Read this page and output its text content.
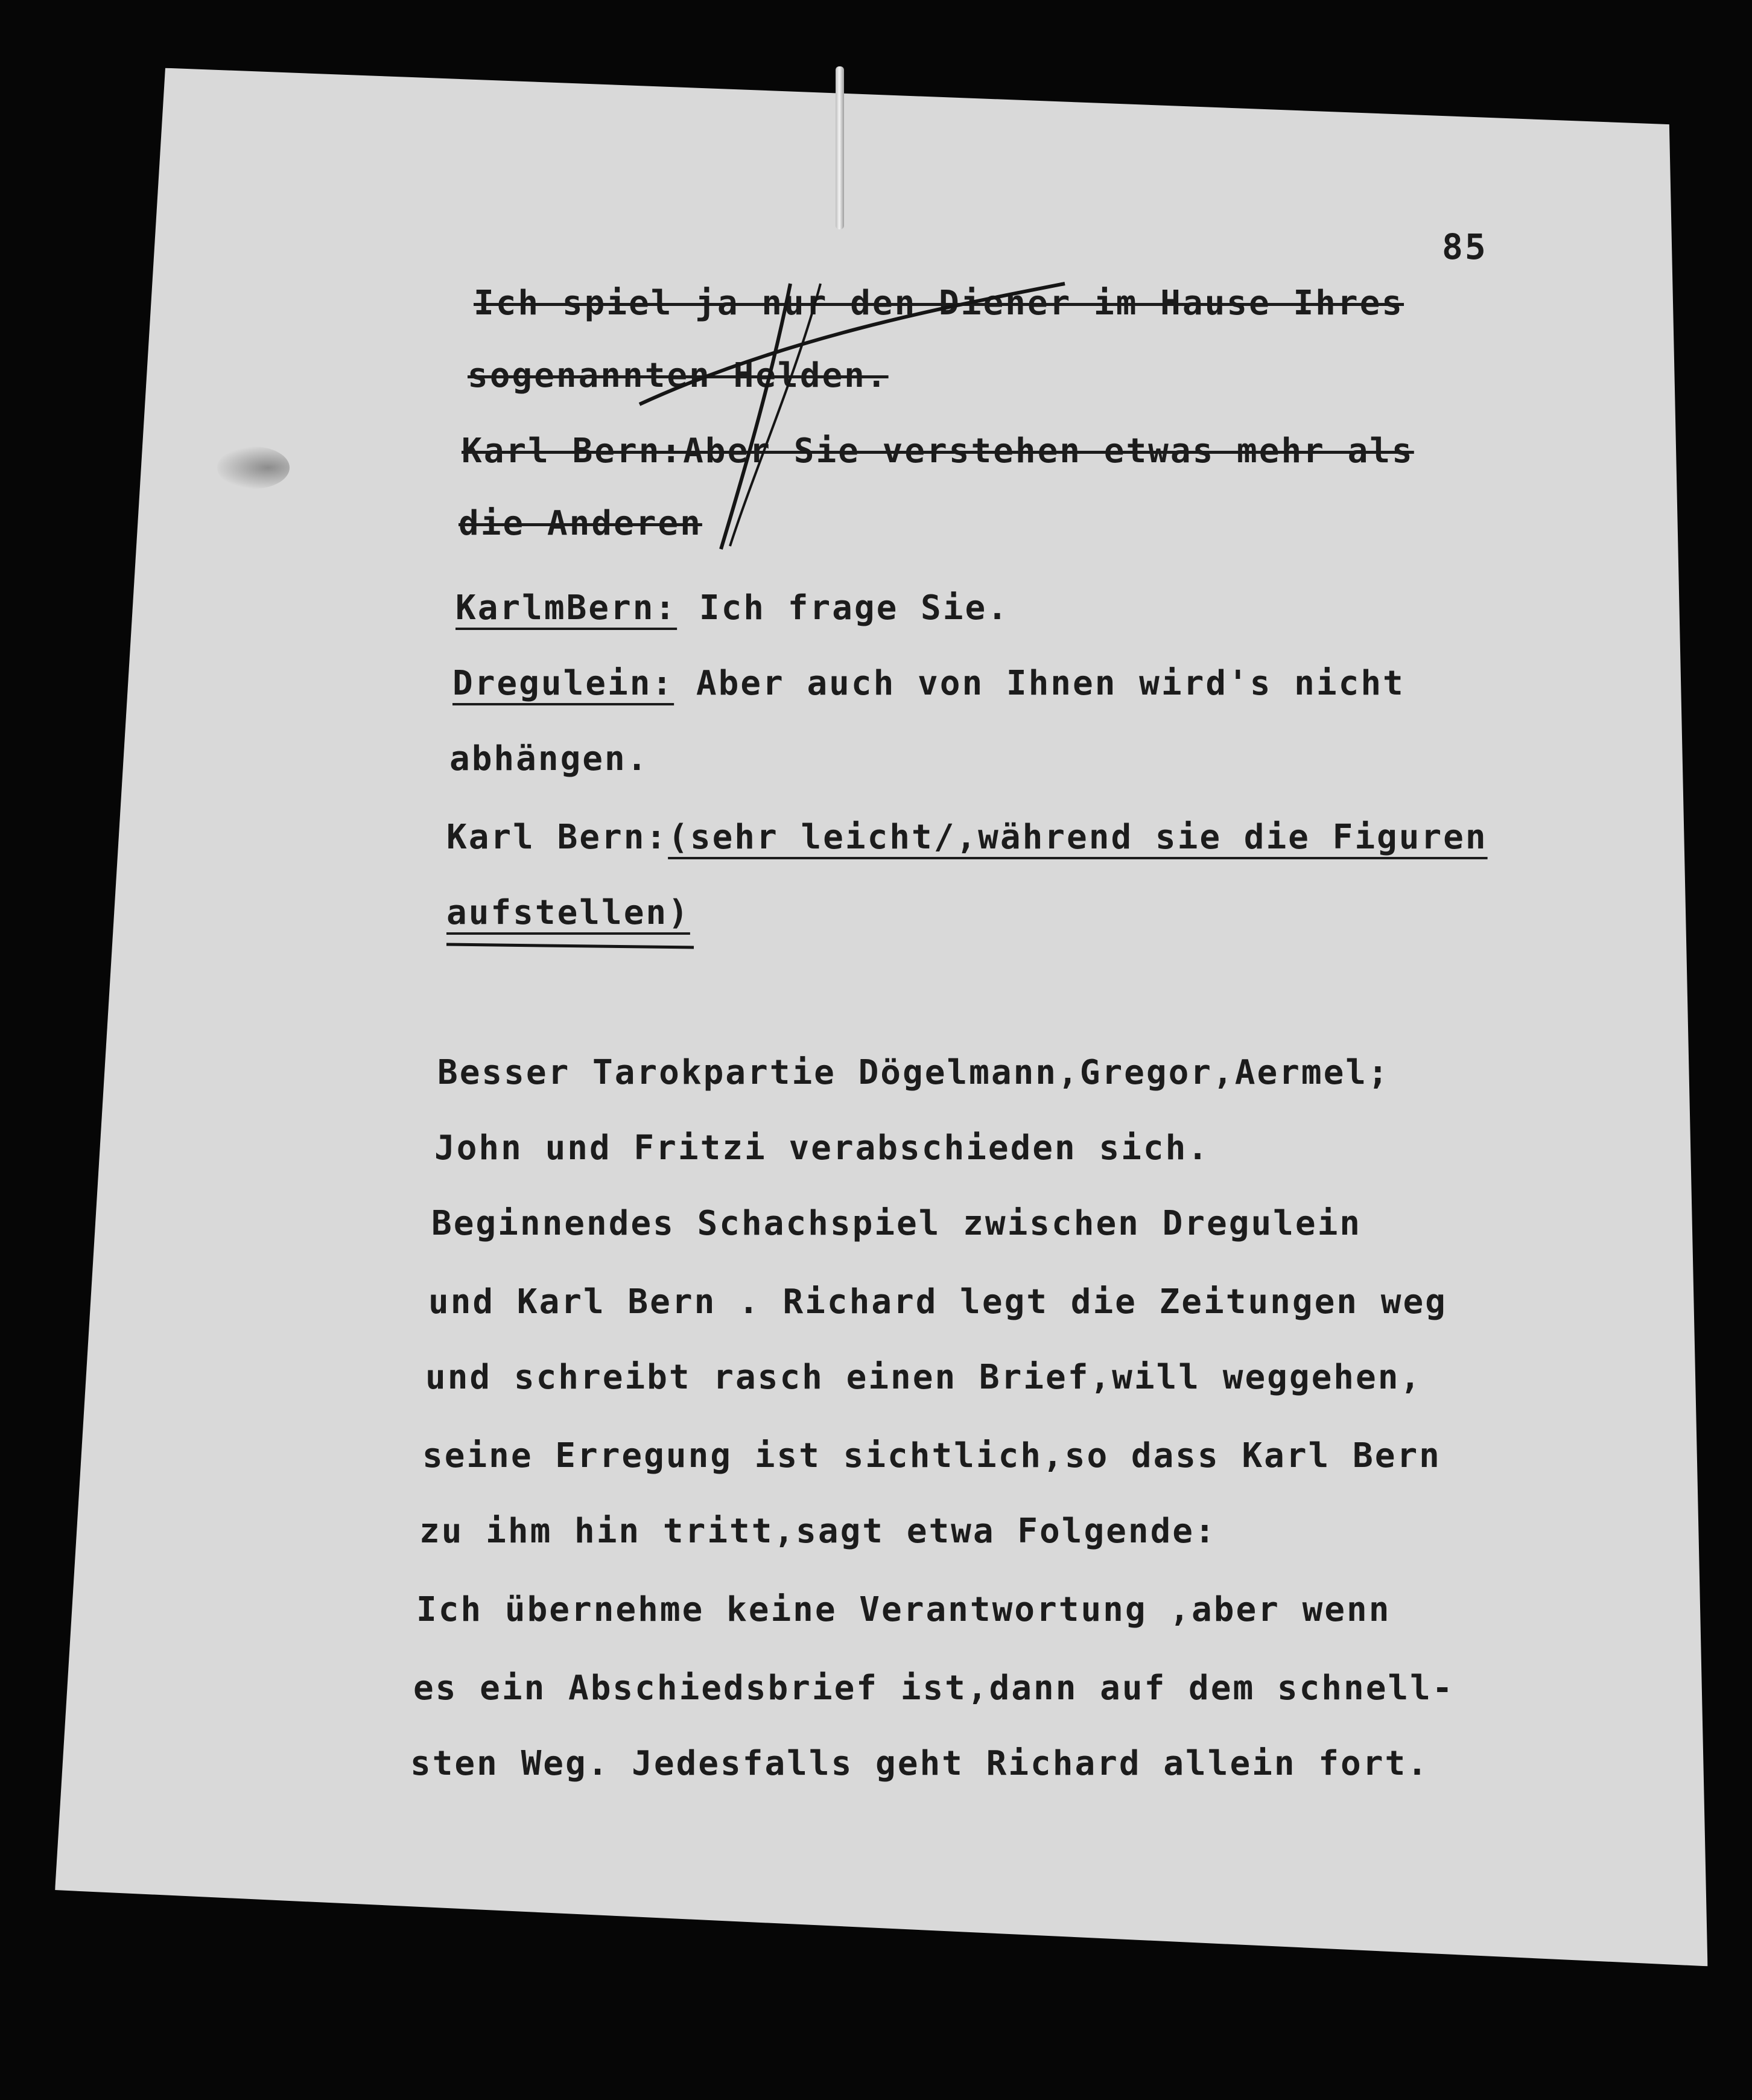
85
Ich spiel ja nur den Diener im Hause Ihres
sogenannten Helden.
Karl Bern:Aber Sie verstehen etwas mehr als
die Anderen
KarlmBern: Ich frage Sie.
Dregulein: Aber auch von Ihnen wird's nicht
abhängen.
Karl Bern:(sehr leicht/,während sie die Figuren
aufstellen)
Besser Tarokpartie Dögelmann,Gregor,Aermel;
John und Fritzi verabschieden sich.
Beginnendes Schachspiel zwischen Dregulein
und Karl Bern . Richard legt die Zeitungen weg
und schreibt rasch einen Brief,will weggehen,
seine Erregung ist sichtlich,so dass Karl Bern
zu ihm hin tritt,sagt etwa Folgende:
Ich übernehme keine Verantwortung ,aber wenn
es ein Abschiedsbrief ist,dann auf dem schnell-
sten Weg. Jedesfalls geht Richard allein fort.
